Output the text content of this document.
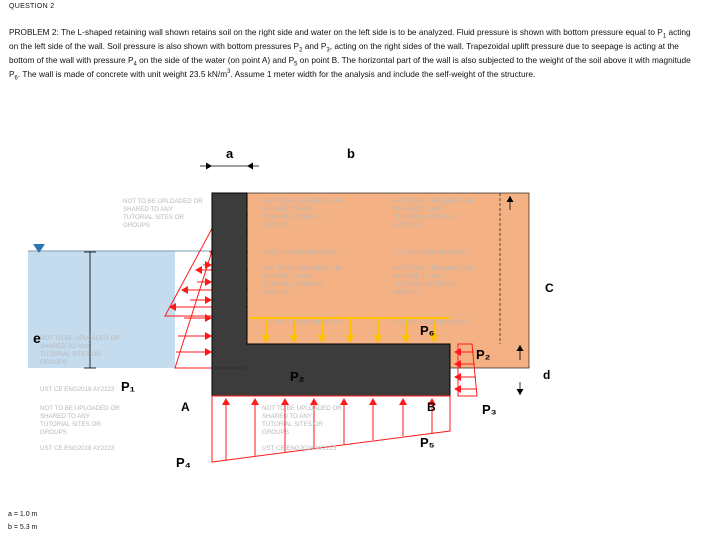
QUESTION 2
PROBLEM 2: The L-shaped retaining wall shown retains soil on the right side and water on the left side is to be analyzed. Fluid pressure is shown with bottom pressure equal to $P_1$ acting on the left side of the wall. Soil pressure is also shown with bottom pressures $P_2$ and $P_3$, acting on the right sides of the wall. Trapezoidal uplift pressure due to seepage is acting at the bottom of the wall with pressure $P_4$ on the side of the water (on point A) and $P_5$ on point B. The horizontal part of the wall is also subjected to the weight of the soil above it with magnitude $P_6$. The wall is made of concrete with unit weight 23.5 $kN/m^3$. Assume 1 meter width for the analysis and include the self-weight of the structure.
NOT TO BE UPLOADED OR
SHARED TO ANY
TUTORIAL SITES OR
GROUPS
NOT TO BE UPLOADED OR
SHARED TO ANY
TUTORIAL SITES OR
GROUPS
NOT TO BE UPLOADED OR
SHARED TO ANY
TUTORIAL SITES OR
GROUPS
UST CE ENG2018 AY2223
NOT TO BE UPLOADED OR
SHARED TO ANY
TUTORIAL SITES OR
GROUPS
UST CE ENG2018 AY2223
NOT TO BE UPLOADED OR
SHARED TO ANY
TUTORIAL SITES OR
GROUPS
UST CE ENG2018 AY2223	UST CE ENG2018 AY2223
NOT TO BE UPLOADED OR
SHARED TO ANY
TUTORIAL SITES OR
GROUPS
UST CE ENG2018 AY2223
NOT TO BE UPLOADED OR
SHARED TO ANY
TUTORIAL SITES OR
GROUPS
UST CE ENG2018 AY2223
NOT TO BE UPLOADED OR
SHARED TO ANY
TUTORIAL SITES OR
GROUPS
UST CE ENG2018 AY2223
a	b
C
d
e
A	B
P₁
P₂
P₂
P₃
P₄
P₅
P₆
a = 1.0 m
b = 5.3 m
